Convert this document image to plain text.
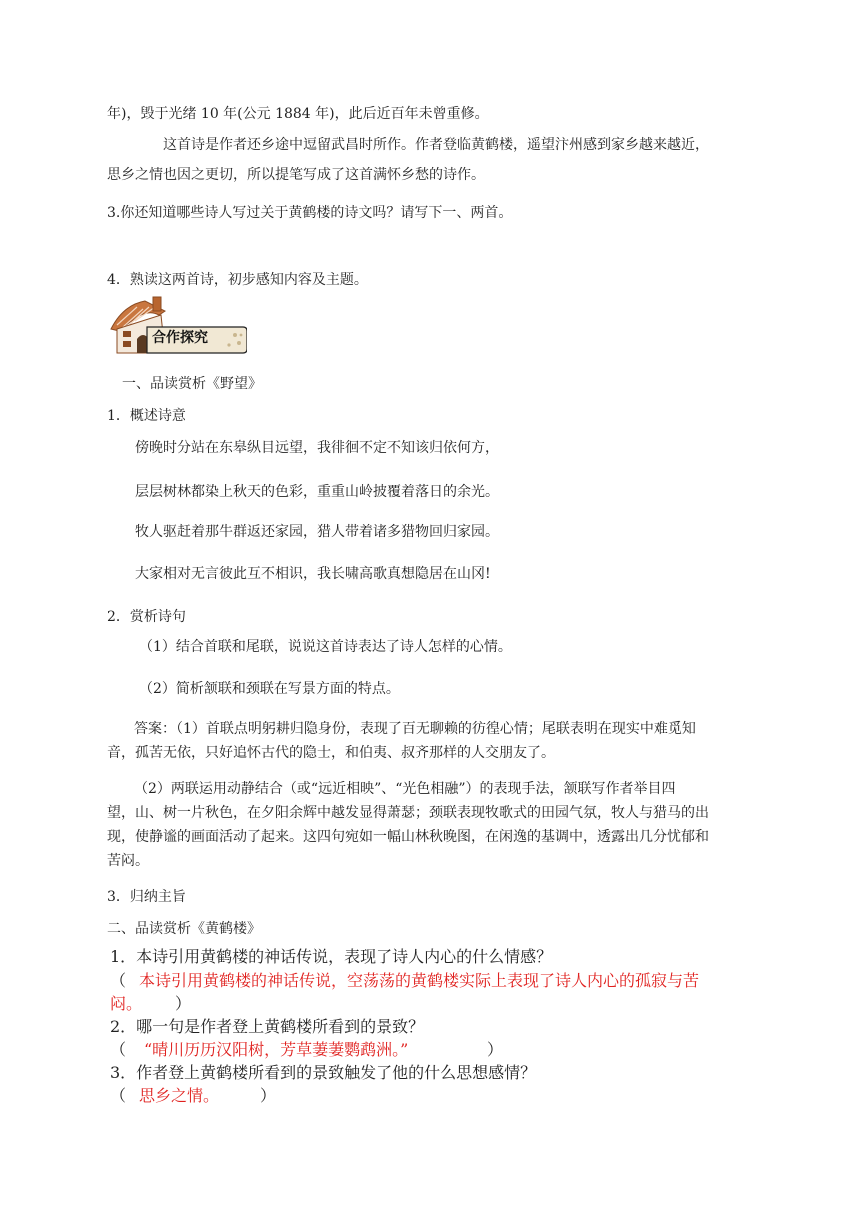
年)，毁于光绪 10 年(公元 1884 年)，此后近百年未曾重修。

这首诗是作者还乡途中逗留武昌时所作。作者登临黄鹤楼，遥望汴州感到家乡越来越近，

思乡之情也因之更切，所以提笔写成了这首满怀乡愁的诗作。

3.你还知道哪些诗人写过关于黄鹤楼的诗文吗？请写下一、两首。

4．熟读这两首诗，初步感知内容及主题。

合作探究

一、品读赏析《野望》

1．概述诗意

傍晚时分站在东皋纵目远望，我徘徊不定不知该归依何方，

层层树林都染上秋天的色彩，重重山岭披覆着落日的余光。

牧人驱赶着那牛群返还家园，猎人带着诸多猎物回归家园。

大家相对无言彼此互不相识，我长啸高歌真想隐居在山冈!

2．赏析诗句

（1）结合首联和尾联，说说这首诗表达了诗人怎样的心情。

（2）简析颔联和颈联在写景方面的特点。

答案：（1）首联点明躬耕归隐身份，表现了百无聊赖的彷徨心情；尾联表明在现实中难觅知

音，孤苦无依，只好追怀古代的隐士，和伯夷、叔齐那样的人交朋友了。

（2）两联运用动静结合（或“远近相映”、“光色相融”）的表现手法，颔联写作者举目四

望，山、树一片秋色，在夕阳余辉中越发显得萧瑟；颈联表现牧歌式的田园气氛，牧人与猎马的出

现，使静谧的画面活动了起来。这四句宛如一幅山林秋晚图，在闲逸的基调中，透露出几分忧郁和

苦闷。

3．归纳主旨

二、品读赏析《黄鹤楼》

1．本诗引用黄鹤楼的神话传说，表现了诗人内心的什么情感？

（ 本诗引用黄鹤楼的神话传说，空荡荡的黄鹤楼实际上表现了诗人内心的孤寂与苦

闷。 ）

2．哪一句是作者登上黄鹤楼所看到的景致？

（ “晴川历历汉阳树，芳草萋萋鹦鹉洲。”	）

3．作者登上黄鹤楼所看到的景致触发了他的什么思想感情？

（ 思乡之情。	）
